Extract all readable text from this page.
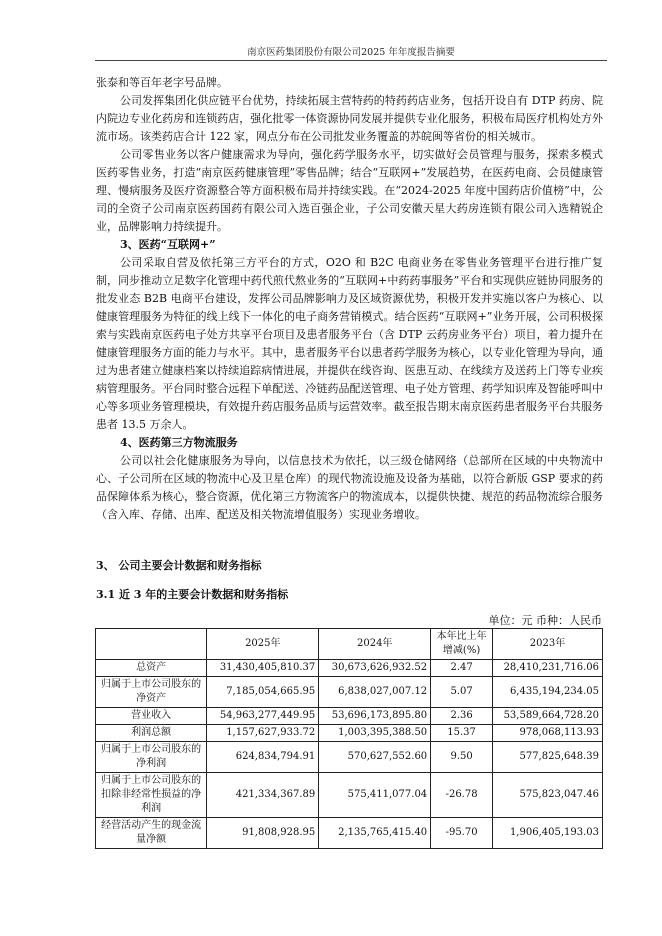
南京医药集团股份有限公司2025 年年度报告摘要

张泰和等百年老字号品牌。

公司发挥集团化供应链平台优势，持续拓展主营特药的特药药店业务，包括开设自有 DTP 药房、院内院边专业化药房和连锁药店，强化批零一体资源协同发展并提供专业化服务，积极布局医疗机构处方外流市场。该类药店合计 122 家，网点分布在公司批发业务覆盖的苏皖闽等省份的相关城市。

公司零售业务以客户健康需求为导向，强化药学服务水平，切实做好会员管理与服务，探索多模式医药零售业务，打造“南京医药健康管理”零售品牌；结合“互联网+”发展趋势，在医药电商、会员健康管理、慢病服务及医疗资源整合等方面积极布局并持续实践。在“2024-2025 年度中国药店价值榜”中，公司的全资子公司南京医药国药有限公司入选百强企业，子公司安徽天星大药房连锁有限公司入选精锐企业，品牌影响力持续提升。

3、医药“互联网+”

公司采取自营及依托第三方平台的方式，O2O 和 B2C 电商业务在零售业务管理平台进行推广复制，同步推动立足数字化管理中药代煎代熬业务的“互联网+中药药事服务”平台和实现供应链协同服务的批发业态 B2B 电商平台建设，发挥公司品牌影响力及区域资源优势，积极开发并实施以客户为核心、以健康管理服务为特征的线上线下一体化的电子商务营销模式。结合医药“互联网+”业务开展，公司积极探索与实践南京医药电子处方共享平台项目及患者服务平台（含 DTP 云药房业务平台）项目，着力提升在健康管理服务方面的能力与水平。其中，患者服务平台以患者药学服务为核心，以专业化管理为导向，通过为患者建立健康档案以持续追踪病情进展，并提供在线咨询、医患互动、在线续方及送药上门等专业疾病管理服务。平台同时整合远程下单配送、冷链药品配送管理、电子处方管理、药学知识库及智能呼叫中心等多项业务管理模块，有效提升药店服务品质与运营效率。截至报告期末南京医药患者服务平台共服务患者 13.5 万余人。

4、医药第三方物流服务

公司以社会化健康服务为导向，以信息技术为依托，以三级仓储网络（总部所在区域的中央物流中心、子公司所在区域的物流中心及卫星仓库）的现代物流设施及设备为基础，以符合新版 GSP 要求的药品保障体系为核心，整合资源，优化第三方物流客户的物流成本，以提供快捷、规范的药品物流综合服务（含入库、存储、出库、配送及相关物流增值服务）实现业务增收。

3、 公司主要会计数据和财务指标
3.1 近 3 年的主要会计数据和财务指标
单位：元 币种：人民币
	2025年	2024年	本年比上年增减(%)	2023年
总资产	31,430,405,810.37	30,673,626,932.52	2.47	28,410,231,716.06
归属于上市公司股东的净资产	7,185,054,665.95	6,838,027,007.12	5.07	6,435,194,234.05
营业收入	54,963,277,449.95	53,696,173,895.80	2.36	53,589,664,728.20
利润总额	1,157,627,933.72	1,003,395,388.50	15.37	978,068,113.93
归属于上市公司股东的净利润	624,834,794.91	570,627,552.60	9.50	577,825,648.39
归属于上市公司股东的扣除非经常性损益的净利润	421,334,367.89	575,411,077.04	-26.78	575,823,047.46
经营活动产生的现金流量净额	91,808,928.95	2,135,765,415.40	-95.70	1,906,405,193.03
